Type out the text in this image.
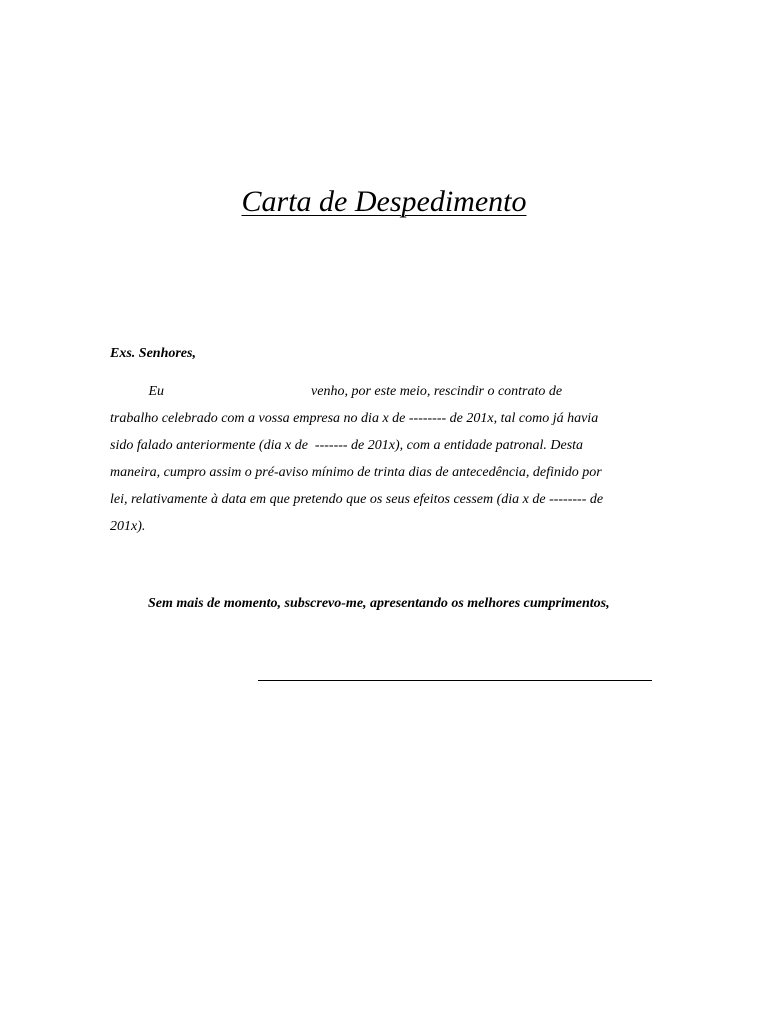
Carta de Despedimento

Exs. Senhores,

Eu                                          venho, por este meio, rescindir o contrato de
trabalho celebrado com a vossa empresa no dia x de -------- de 201x, tal como já havia
sido falado anteriormente (dia x de  ------- de 201x), com a entidade patronal. Desta
maneira, cumpro assim o pré-aviso mínimo de trinta dias de antecedência, definido por
lei, relativamente à data em que pretendo que os seus efeitos cessem (dia x de -------- de
201x).

Sem mais de momento, subscrevo-me, apresentando os melhores cumprimentos,
